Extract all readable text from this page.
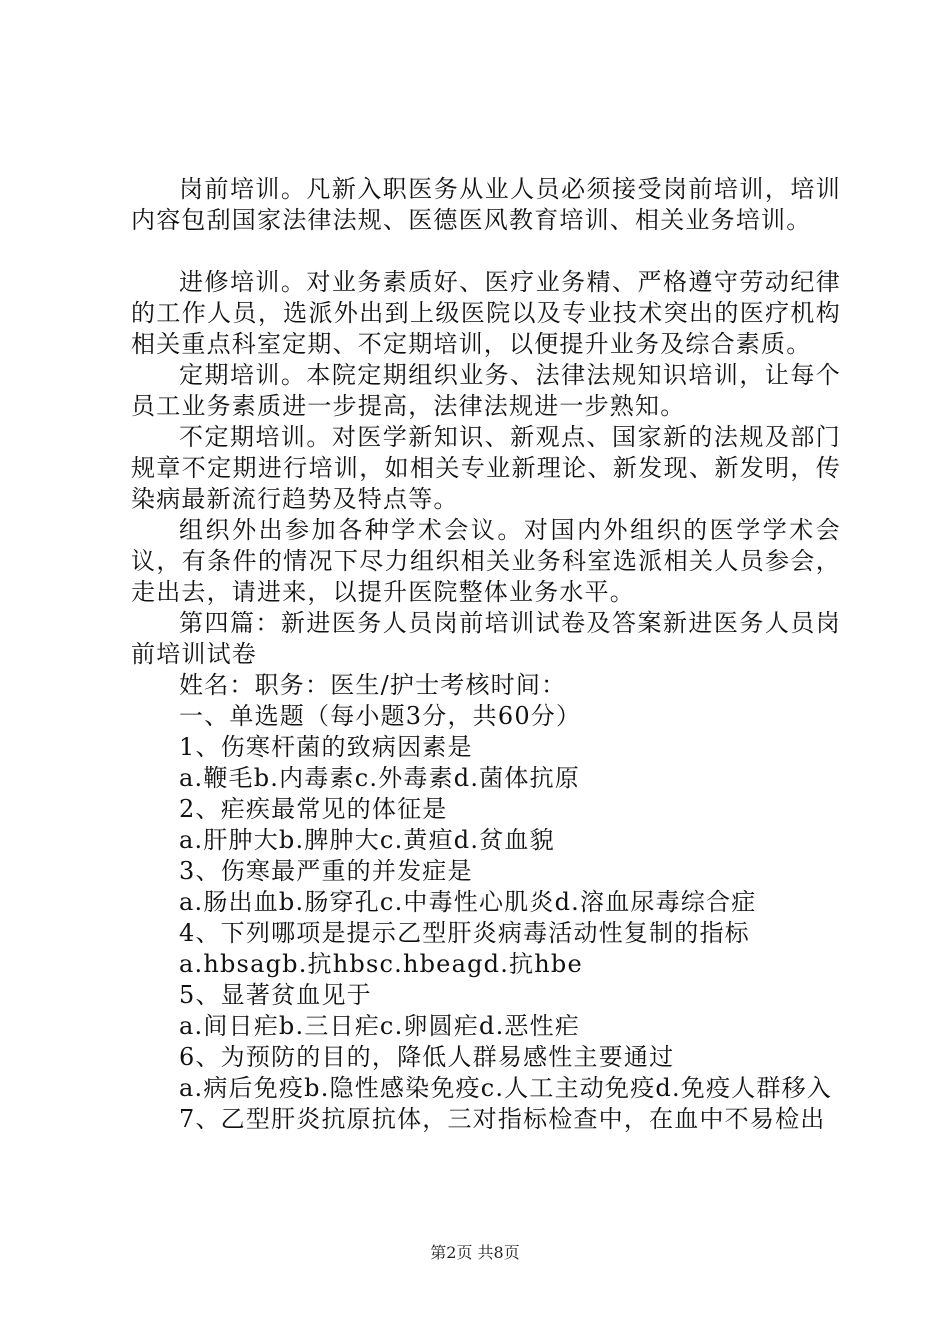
岗前培训。凡新入职医务从业人员必须接受岗前培训，培训内容包刮国家法律法规、医德医风教育培训、相关业务培训。

进修培训。对业务素质好、医疗业务精、严格遵守劳动纪律的工作人员，选派外出到上级医院以及专业技术突出的医疗机构相关重点科室定期、不定期培训，以便提升业务及综合素质。

定期培训。本院定期组织业务、法律法规知识培训，让每个员工业务素质进一步提高，法律法规进一步熟知。

不定期培训。对医学新知识、新观点、国家新的法规及部门规章不定期进行培训，如相关专业新理论、新发现、新发明，传染病最新流行趋势及特点等。

组织外出参加各种学术会议。对国内外组织的医学学术会议，有条件的情况下尽力组织相关业务科室选派相关人员参会，走出去，请进来，以提升医院整体业务水平。

第四篇：新进医务人员岗前培训试卷及答案新进医务人员岗前培训试卷

姓名：职务：医生/护士考核时间：

一、单选题（每小题3分，共60分）

1、伤寒杆菌的致病因素是

a.鞭毛b.内毒素c.外毒素d.菌体抗原

2、疟疾最常见的体征是

a.肝肿大b.脾肿大c.黄疸d.贫血貌

3、伤寒最严重的并发症是

a.肠出血b.肠穿孔c.中毒性心肌炎d.溶血尿毒综合症

4、下列哪项是提示乙型肝炎病毒活动性复制的指标

a.hbsagb.抗hbsc.hbeagd.抗hbe

5、显著贫血见于

a.间日疟b.三日疟c.卵圆疟d.恶性疟

6、为预防的目的，降低人群易感性主要通过

a.病后免疫b.隐性感染免疫c.人工主动免疫d.免疫人群移入

7、乙型肝炎抗原抗体，三对指标检查中，在血中不易检出

第2页 共8页
